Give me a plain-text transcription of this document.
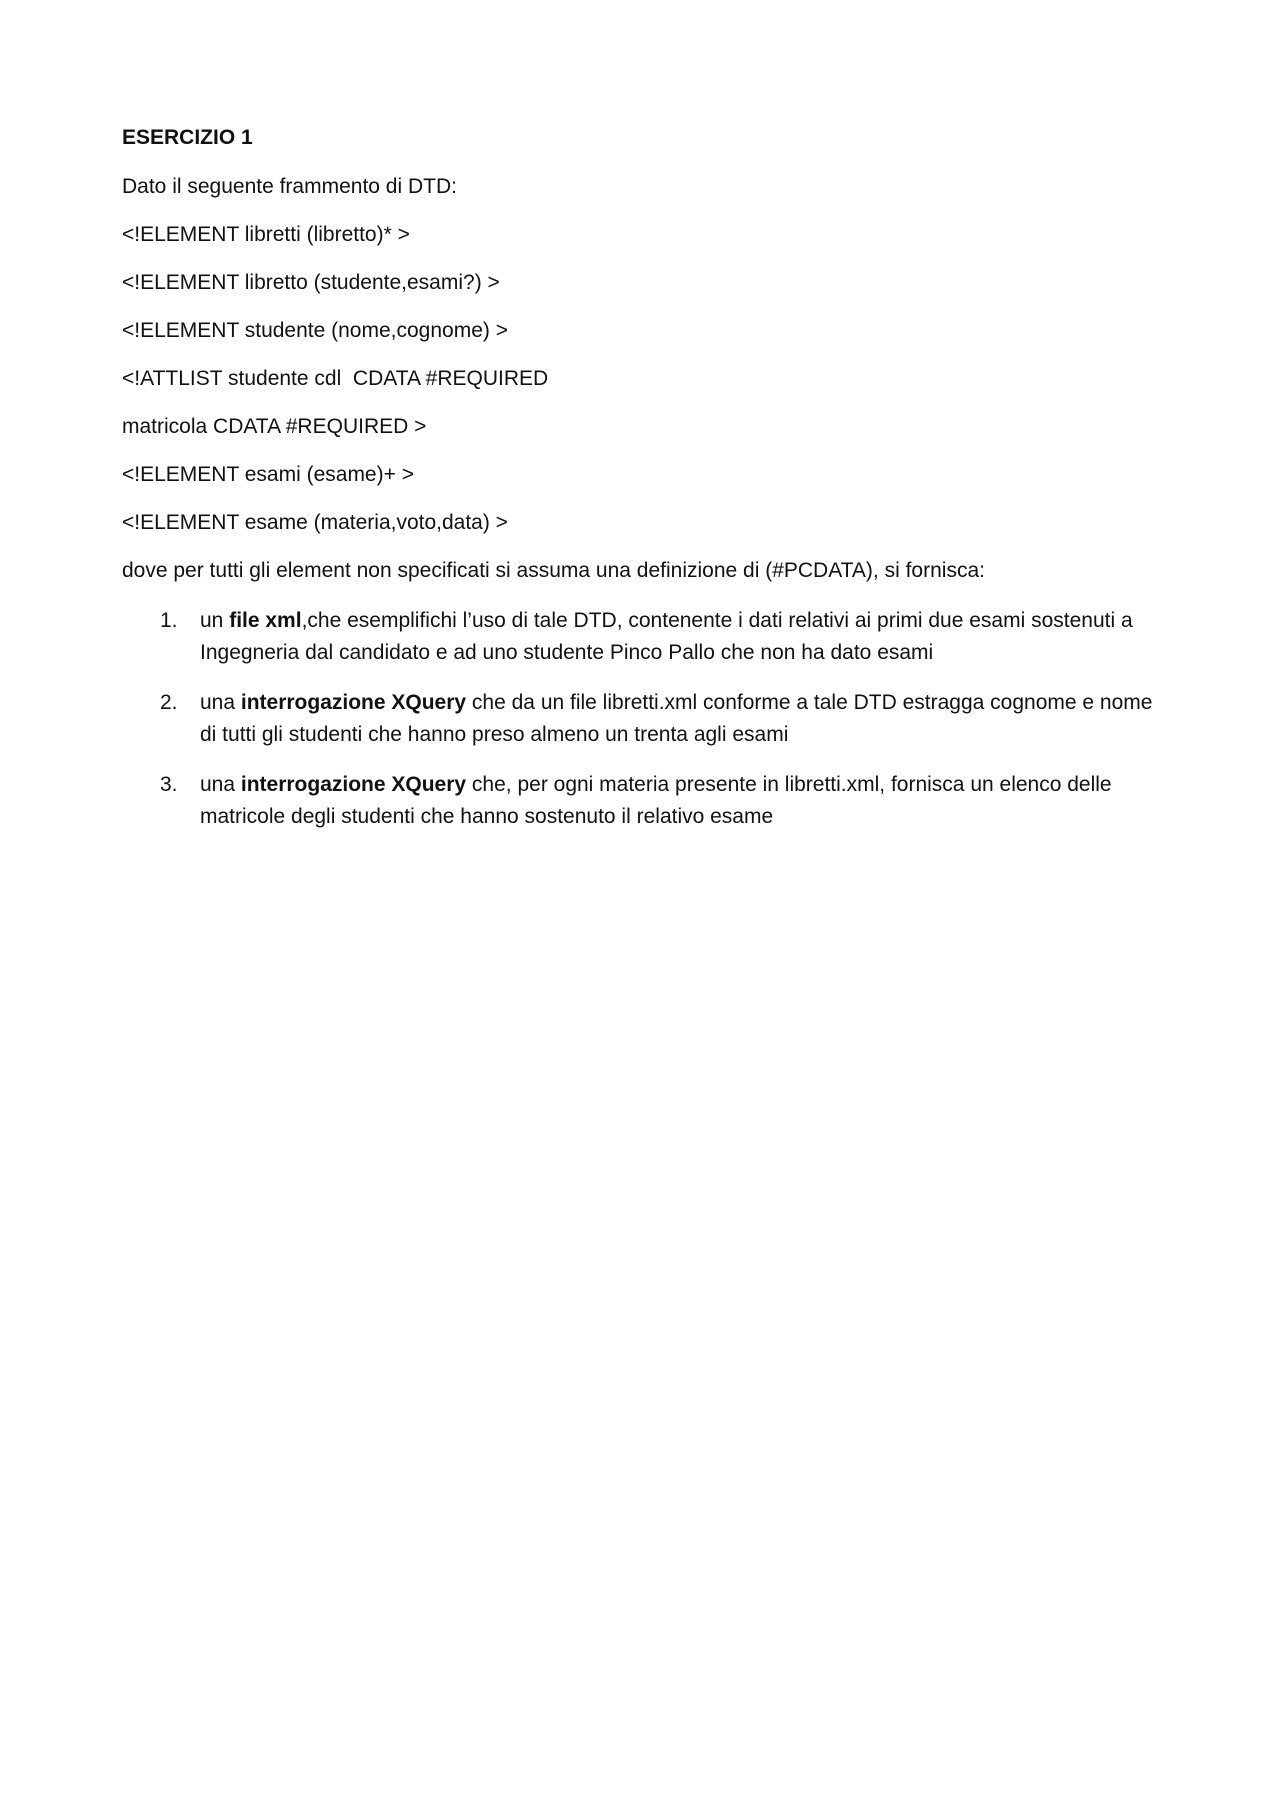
ESERCIZIO 1

Dato il seguente frammento di DTD:

<!ELEMENT libretti (libretto)* >

<!ELEMENT libretto (studente,esami?) >

<!ELEMENT studente (nome,cognome) >

<!ATTLIST studente cdl  CDATA #REQUIRED

matricola CDATA #REQUIRED >

<!ELEMENT esami (esame)+ >

<!ELEMENT esame (materia,voto,data) >

dove per tutti gli element non specificati si assuma una definizione di (#PCDATA), si fornisca:

1. un file xml,che esemplifichi l’uso di tale DTD, contenente i dati relativi ai primi due esami sostenuti a Ingegneria dal candidato e ad uno studente Pinco Pallo che non ha dato esami
2. una interrogazione XQuery che da un file libretti.xml conforme a tale DTD estragga cognome e nome di tutti gli studenti che hanno preso almeno un trenta agli esami
3. una interrogazione XQuery che, per ogni materia presente in libretti.xml, fornisca un elenco delle matricole degli studenti che hanno sostenuto il relativo esame
